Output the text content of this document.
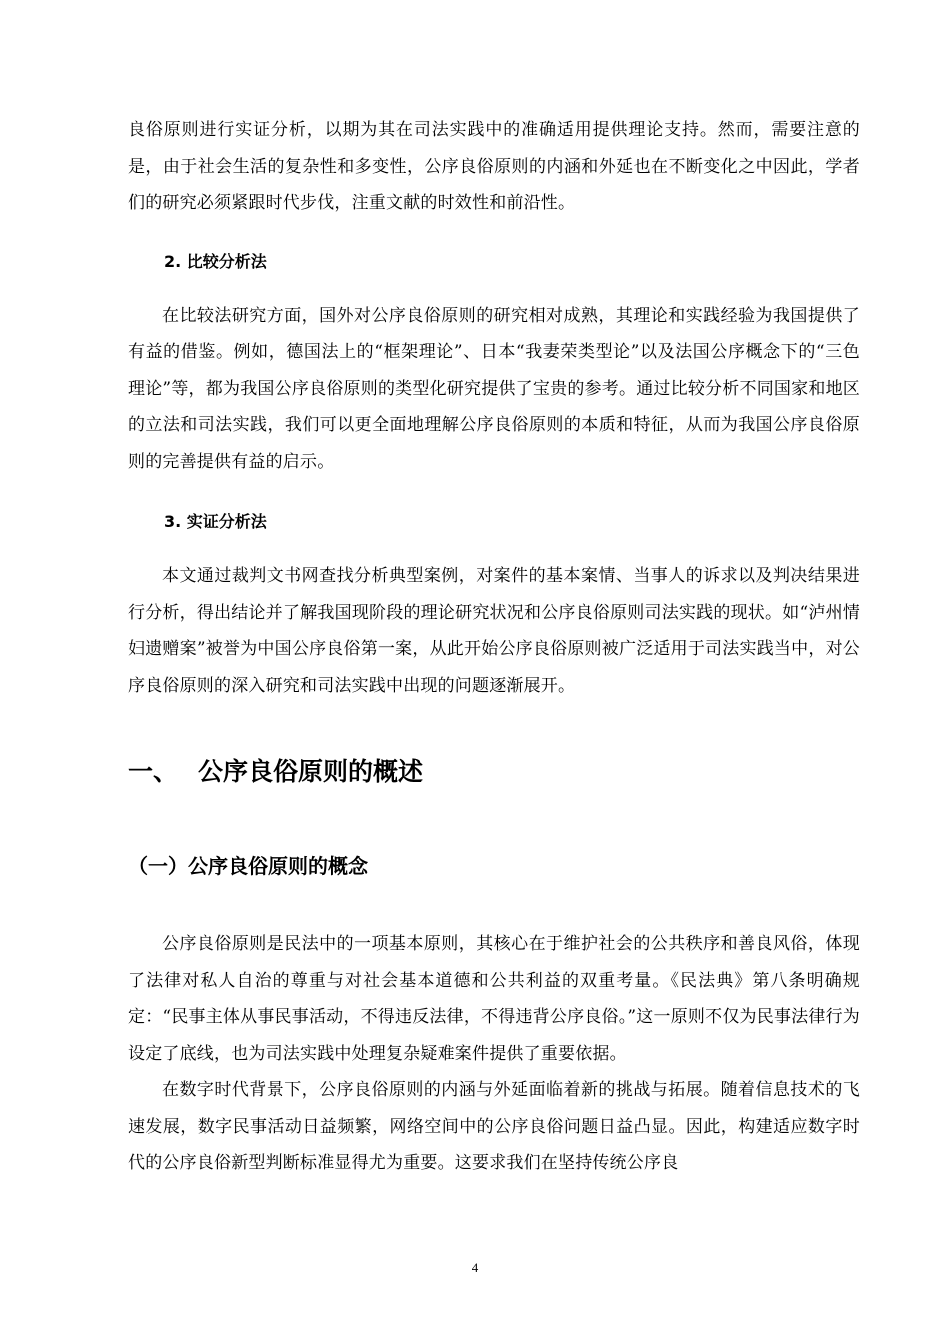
良俗原则进行实证分析，以期为其在司法实践中的准确适用提供理论支持。然而，需要注意的是，由于社会生活的复杂性和多变性，公序良俗原则的内涵和外延也在不断变化之中因此，学者们的研究必须紧跟时代步伐，注重文献的时效性和前沿性。

2. 比较分析法

在比较法研究方面，国外对公序良俗原则的研究相对成熟，其理论和实践经验为我国提供了有益的借鉴。例如，德国法上的“框架理论”、日本“我妻荣类型论”以及法国公序概念下的“三色理论”等，都为我国公序良俗原则的类型化研究提供了宝贵的参考。通过比较分析不同国家和地区的立法和司法实践，我们可以更全面地理解公序良俗原则的本质和特征，从而为我国公序良俗原则的完善提供有益的启示。

3. 实证分析法

本文通过裁判文书网查找分析典型案例，对案件的基本案情、当事人的诉求以及判决结果进行分析，得出结论并了解我国现阶段的理论研究状况和公序良俗原则司法实践的现状。如“泸州情妇遗赠案”被誉为中国公序良俗第一案，从此开始公序良俗原则被广泛适用于司法实践当中，对公序良俗原则的深入研究和司法实践中出现的问题逐渐展开。

一、 公序良俗原则的概述
（一）公序良俗原则的概念

公序良俗原则是民法中的一项基本原则，其核心在于维护社会的公共秩序和善良风俗，体现了法律对私人自治的尊重与对社会基本道德和公共利益的双重考量。《民法典》第八条明确规定：“民事主体从事民事活动，不得违反法律，不得违背公序良俗。”这一原则不仅为民事法律行为设定了底线，也为司法实践中处理复杂疑难案件提供了重要依据。

在数字时代背景下，公序良俗原则的内涵与外延面临着新的挑战与拓展。随着信息技术的飞速发展，数字民事活动日益频繁，网络空间中的公序良俗问题日益凸显。因此，构建适应数字时代的公序良俗新型判断标准显得尤为重要。这要求我们在坚持传统公序良

4
